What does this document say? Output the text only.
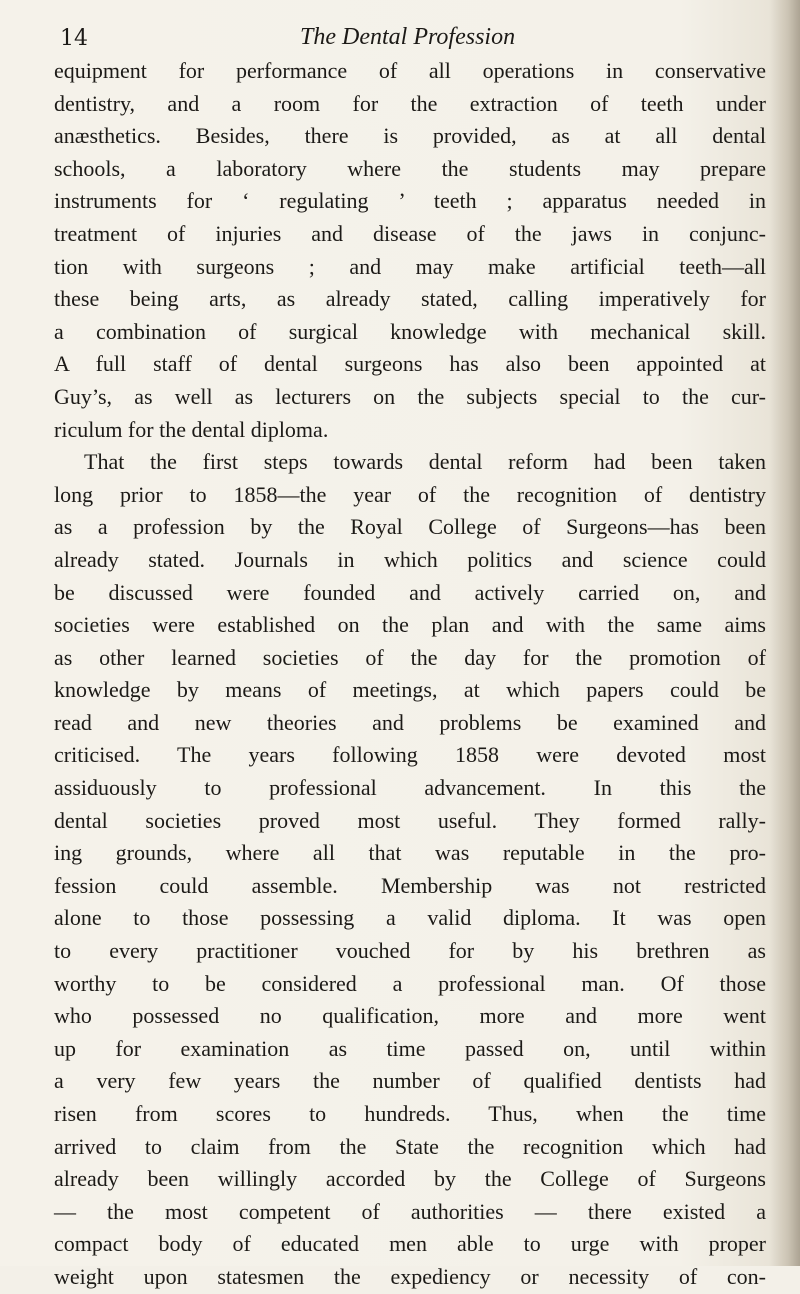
14	The Dental Profession
equipment for performance of all operations in conservative
dentistry, and a room for the extraction of teeth under
anæsthetics. Besides, there is provided, as at all dental
schools, a laboratory where the students may prepare
instruments for ‘ regulating ’ teeth ; apparatus needed in
treatment of injuries and disease of the jaws in conjunc-
tion with surgeons ; and may make artificial teeth—all
these being arts, as already stated, calling imperatively for
a combination of surgical knowledge with mechanical skill.
A full staff of dental surgeons has also been appointed at
Guy’s, as well as lecturers on the subjects special to the cur-
riculum for the dental diploma.
That the first steps towards dental reform had been taken
long prior to 1858—the year of the recognition of dentistry
as a profession by the Royal College of Surgeons—has been
already stated. Journals in which politics and science could
be discussed were founded and actively carried on, and
societies were established on the plan and with the same aims
as other learned societies of the day for the promotion of
knowledge by means of meetings, at which papers could be
read and new theories and problems be examined and
criticised. The years following 1858 were devoted most
assiduously to professional advancement. In this the
dental societies proved most useful. They formed rally-
ing grounds, where all that was reputable in the pro-
fession could assemble. Membership was not restricted
alone to those possessing a valid diploma. It was open
to every practitioner vouched for by his brethren as
worthy to be considered a professional man. Of those
who possessed no qualification, more and more went
up for examination as time passed on, until within
a very few years the number of qualified dentists had
risen from scores to hundreds. Thus, when the time
arrived to claim from the State the recognition which had
already been willingly accorded by the College of Surgeons
— the most competent of authorities — there existed a
compact body of educated men able to urge with proper
weight upon statesmen the expediency or necessity of con-
